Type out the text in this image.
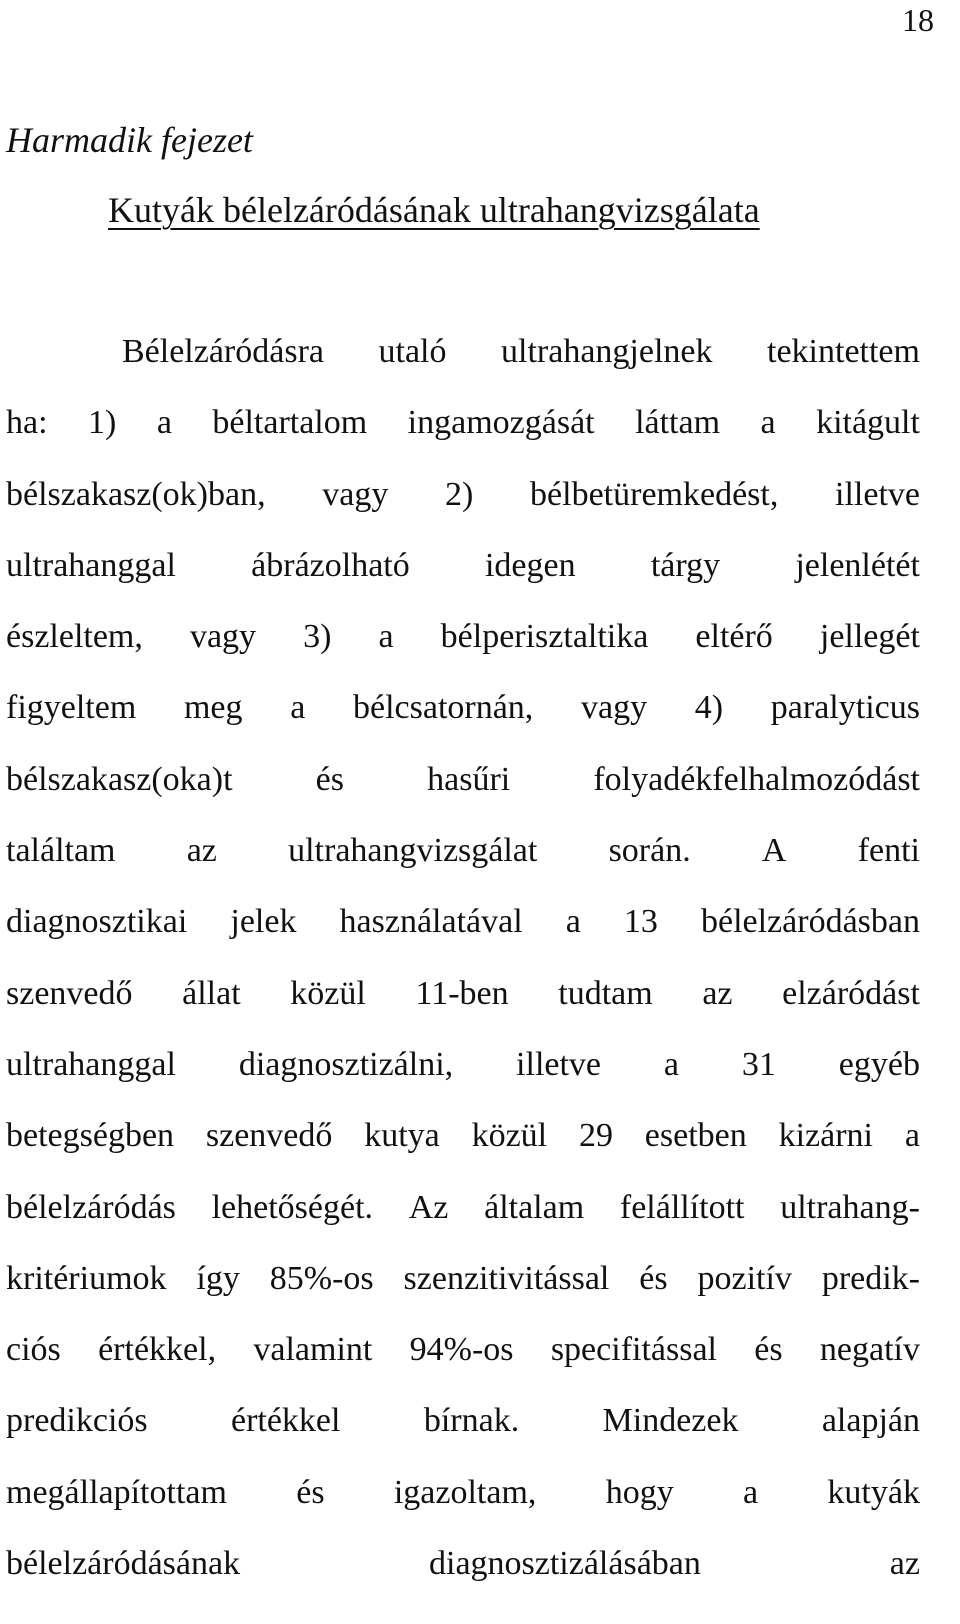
18
Harmadik fejezet
Kutyák bélelzáródásának ultrahangvizsgálata
Bélelzáródásra utaló ultrahangjelnek tekintettem
ha: 1) a béltartalom ingamozgását láttam a kitágult
bélszakasz(ok)ban, vagy 2) bélbetüremkedést, illetve
ultrahanggal ábrázolható idegen tárgy jelenlétét
észleltem, vagy 3) a bélperisztaltika eltérő jellegét
figyeltem meg a bélcsatornán, vagy 4) paralyticus
bélszakasz(oka)t és hasűri folyadékfelhalmozódást
találtam az ultrahangvizsgálat során. A fenti
diagnosztikai jelek használatával a 13 bélelzáródásban
szenvedő állat közül 11-ben tudtam az elzáródást
ultrahanggal diagnosztizálni, illetve a 31 egyéb
betegségben szenvedő kutya közül 29 esetben kizárni a
bélelzáródás lehetőségét. Az általam felállított ultrahang-
kritériumok így 85%-os szenzitivitással és pozitív predik-
ciós értékkel, valamint 94%-os specifitással és negatív
predikciós értékkel bírnak. Mindezek alapján
megállapítottam és igazoltam, hogy a kutyák
bélelzáródásának	diagnosztizálásában	az
